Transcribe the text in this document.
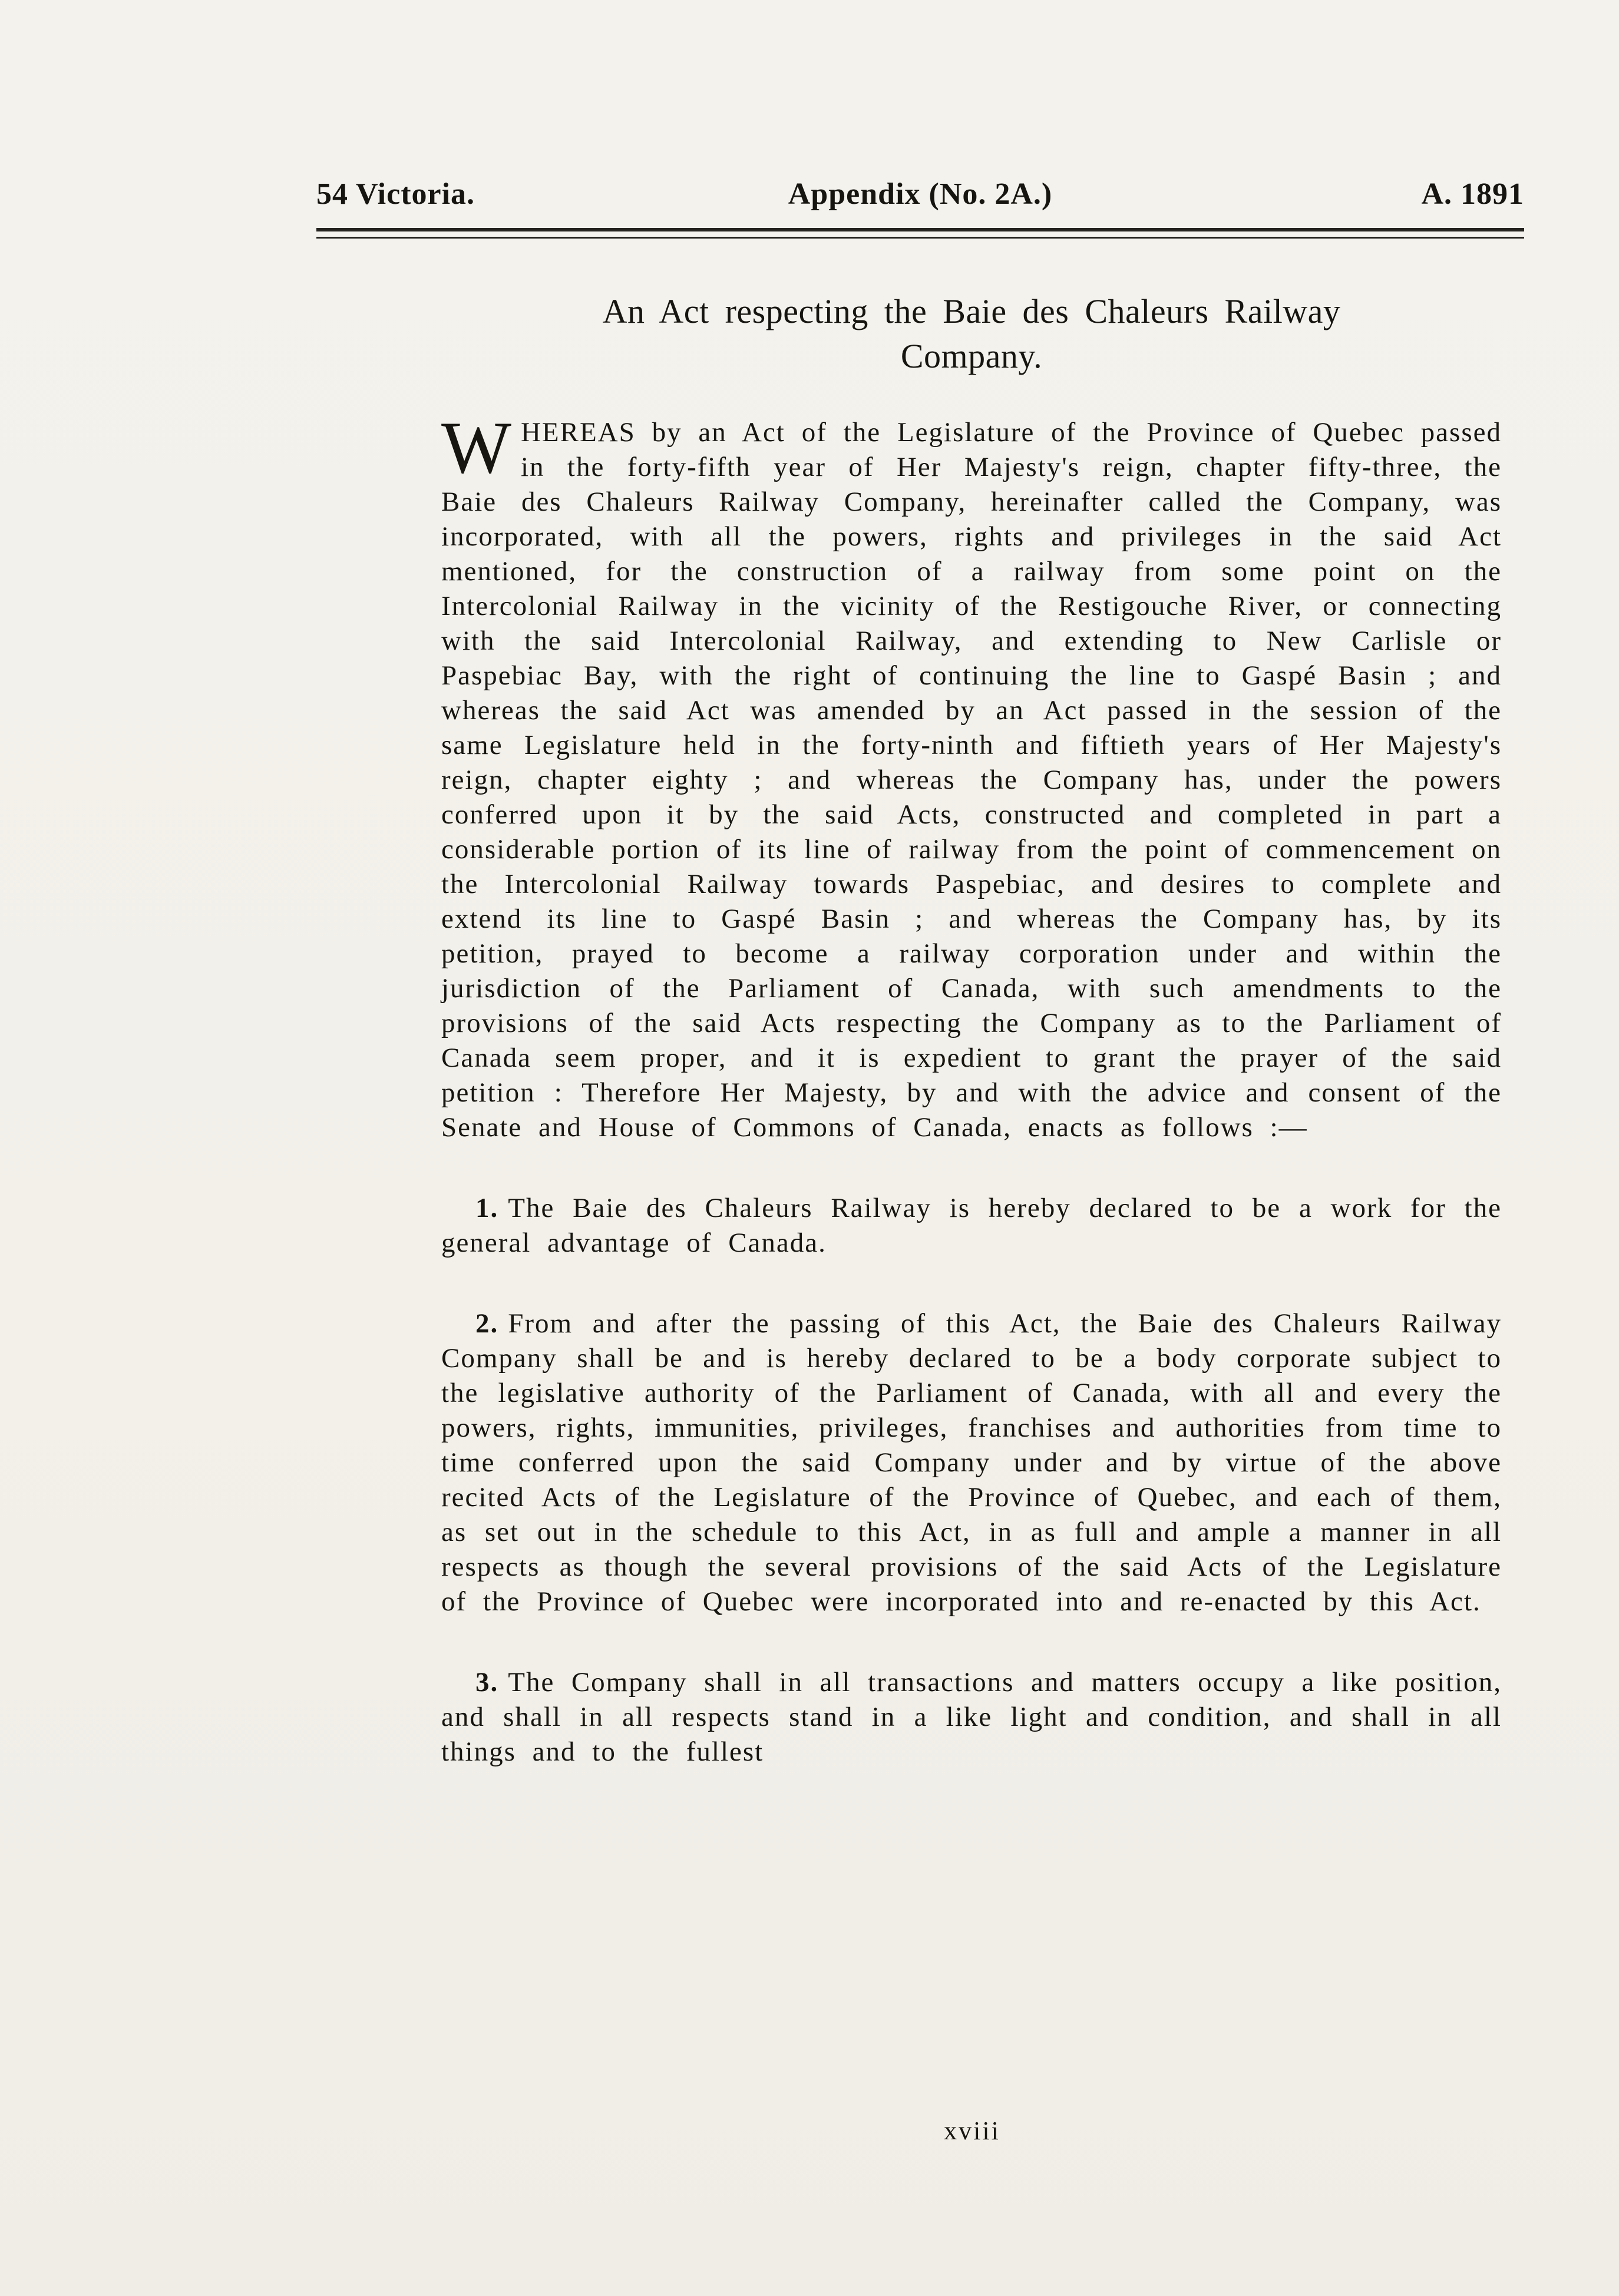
54 Victoria.	Appendix (No. 2A.)	A. 1891
An Act respecting the Baie des Chaleurs Railway
Company.

WHEREAS by an Act of the Legislature of the Province of Quebec passed in the forty-fifth year of Her Majesty's reign, chapter fifty-three, the Baie des Chaleurs Railway Company, hereinafter called the Company, was incorporated, with all the powers, rights and privileges in the said Act mentioned, for the construction of a railway from some point on the Intercolonial Railway in the vicinity of the Restigouche River, or connecting with the said Intercolonial Railway, and extending to New Carlisle or Paspebiac Bay, with the right of continuing the line to Gaspé Basin ; and whereas the said Act was amended by an Act passed in the session of the same Legislature held in the forty-ninth and fiftieth years of Her Majesty's reign, chapter eighty ; and whereas the Company has, under the powers conferred upon it by the said Acts, constructed and completed in part a considerable portion of its line of railway from the point of commencement on the Intercolonial Railway towards Paspebiac, and desires to complete and extend its line to Gaspé Basin ; and whereas the Company has, by its petition, prayed to become a railway corporation under and within the jurisdiction of the Parliament of Canada, with such amendments to the provisions of the said Acts respecting the Company as to the Parliament of Canada seem proper, and it is expedient to grant the prayer of the said petition : Therefore Her Majesty, by and with the advice and consent of the Senate and House of Commons of Canada, enacts as follows :—

1. The Baie des Chaleurs Railway is hereby declared to be a work for the general advantage of Canada.

2. From and after the passing of this Act, the Baie des Chaleurs Railway Company shall be and is hereby declared to be a body corporate subject to the legislative authority of the Parliament of Canada, with all and every the powers, rights, immunities, privileges, franchises and authorities from time to time conferred upon the said Company under and by virtue of the above recited Acts of the Legislature of the Province of Quebec, and each of them, as set out in the schedule to this Act, in as full and ample a manner in all respects as though the several provisions of the said Acts of the Legislature of the Province of Quebec were incorporated into and re-enacted by this Act.

3. The Company shall in all transactions and matters occupy a like position, and shall in all respects stand in a like light and condition, and shall in all things and to the fullest

xviii
